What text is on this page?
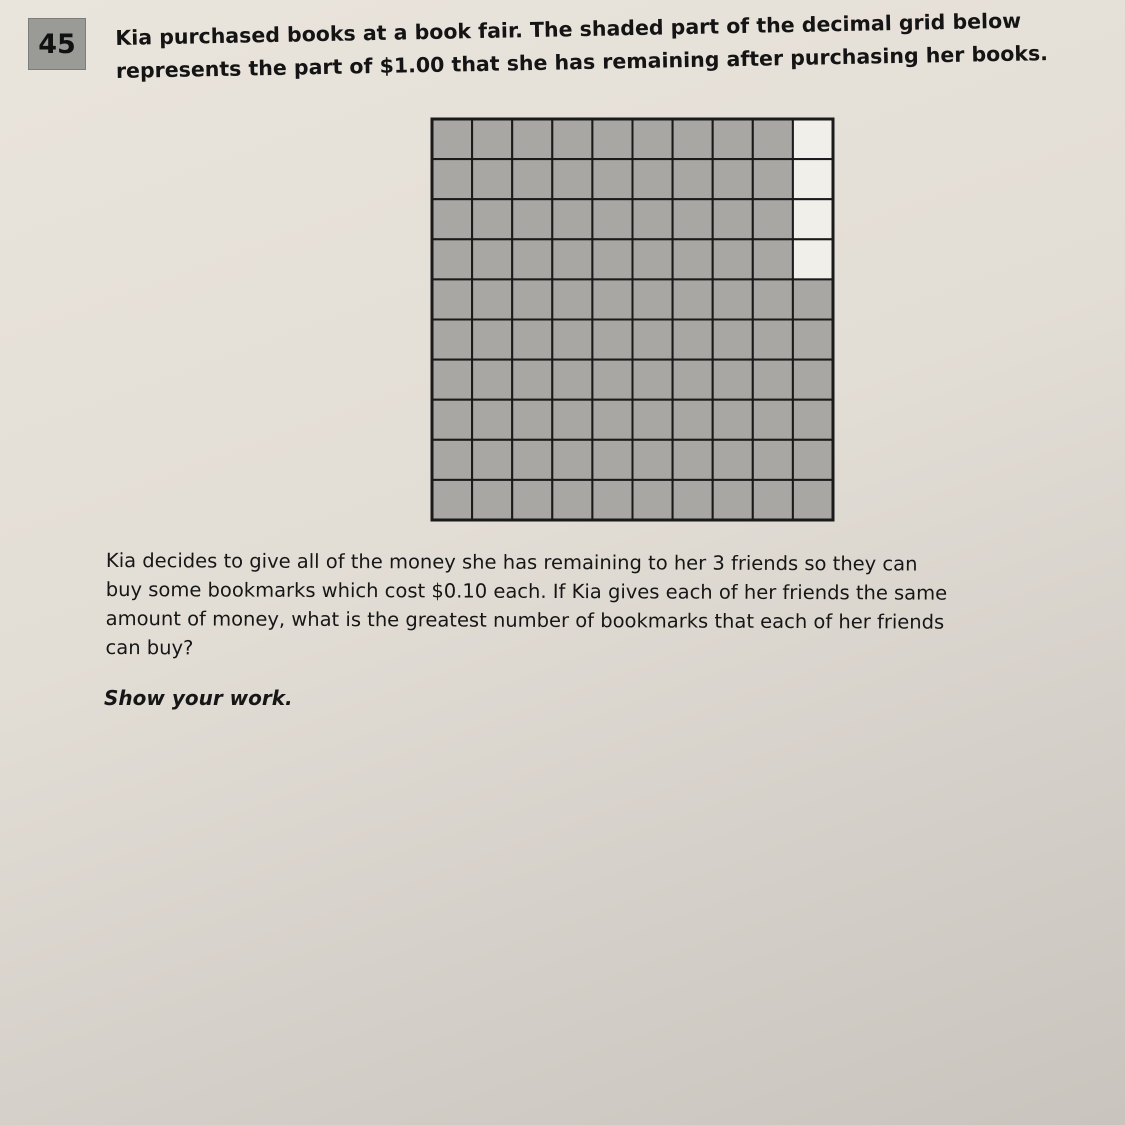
45 Kia purchased books at a book fair. The shaded part of the decimal grid below
represents the part of $1.00 that she has remaining after purchasing her books.

Kia decides to give all of the money she has remaining to her 3 friends so they can
buy some bookmarks which cost $0.10 each. If Kia gives each of her friends the same
amount of money, what is the greatest number of bookmarks that each of her friends
can buy?

Show your work.
